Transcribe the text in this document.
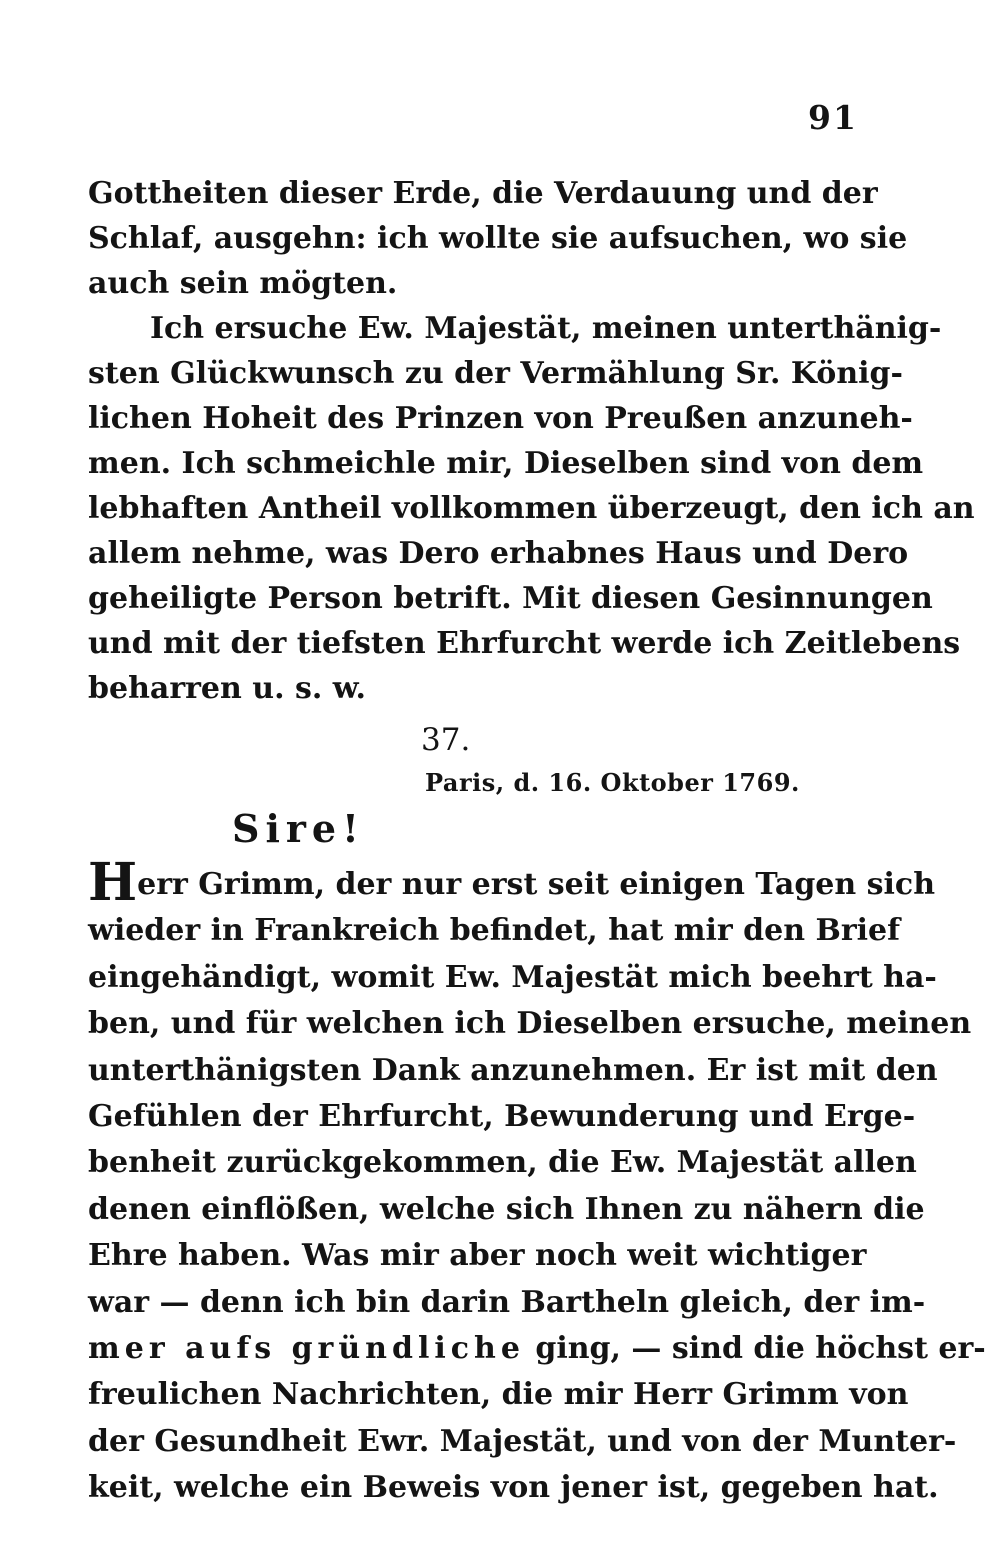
91
Gottheiten dieser Erde, die Verdauung und der
Schlaf, ausgehn: ich wollte sie aufsuchen, wo sie
auch sein mögten.
Ich ersuche Ew. Majestät, meinen unterthänig-
sten Glückwunsch zu der Vermählung Sr. König-
lichen Hoheit des Prinzen von Preußen anzuneh-
men. Ich schmeichle mir, Dieselben sind von dem
lebhaften Antheil vollkommen überzeugt, den ich an
allem nehme, was Dero erhabnes Haus und Dero
geheiligte Person betrift. Mit diesen Gesinnungen
und mit der tiefsten Ehrfurcht werde ich Zeitlebens
beharren u. s. w.
37.
Paris, d. 16. Oktober 1769.
Sire!
Herr Grimm, der nur erst seit einigen Tagen sich
wieder in Frankreich befindet, hat mir den Brief
eingehändigt, womit Ew. Majestät mich beehrt ha-
ben, und für welchen ich Dieselben ersuche, meinen
unterthänigsten Dank anzunehmen. Er ist mit den
Gefühlen der Ehrfurcht, Bewunderung und Erge-
benheit zurückgekommen, die Ew. Majestät allen
denen einflößen, welche sich Ihnen zu nähern die
Ehre haben. Was mir aber noch weit wichtiger
war — denn ich bin darin Bartheln gleich, der im-
mer aufs gründliche ging, — sind die höchst er-
freulichen Nachrichten, die mir Herr Grimm von
der Gesundheit Ewr. Majestät, und von der Munter-
keit, welche ein Beweis von jener ist, gegeben hat.
